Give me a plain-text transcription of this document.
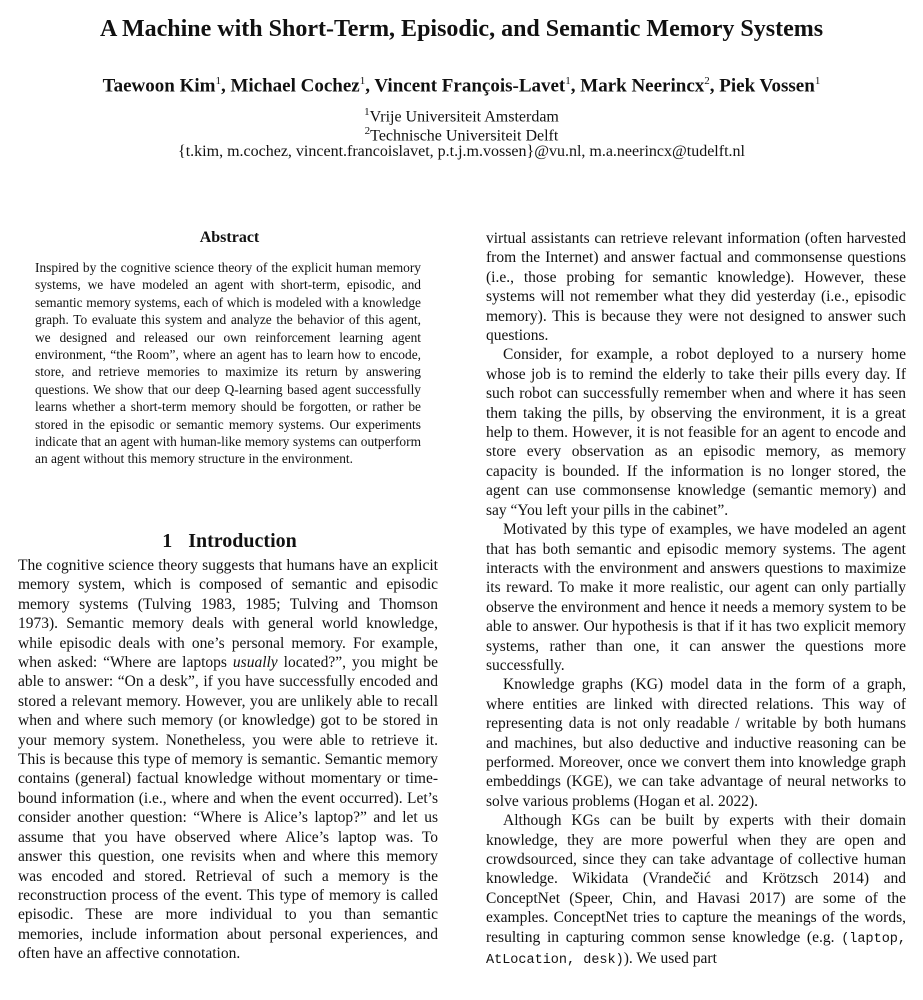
A Machine with Short-Term, Episodic, and Semantic Memory Systems
Taewoon Kim$^1$, Michael Cochez$^1$, Vincent François-Lavet$^1$, Mark Neerincx$^2$, Piek Vossen$^1$
$^1$Vrije Universiteit Amsterdam
$^2$Technische Universiteit Delft
{t.kim, m.cochez, vincent.francoislavet, p.t.j.m.vossen}@vu.nl, m.a.neerincx@tudelft.nl
Abstract

Inspired by the cognitive science theory of the explicit human memory systems, we have modeled an agent with short-term, episodic, and semantic memory systems, each of which is modeled with a knowledge graph. To evaluate this system and analyze the behavior of this agent, we designed and released our own reinforcement learning agent environment, “the Room”, where an agent has to learn how to encode, store, and retrieve memories to maximize its return by answering questions. We show that our deep Q-learning based agent successfully learns whether a short-term memory should be forgotten, or rather be stored in the episodic or semantic memory systems. Our experiments indicate that an agent with human-like memory systems can outperform an agent without this memory structure in the environment.

1 Introduction

The cognitive science theory suggests that humans have an explicit memory system, which is composed of semantic and episodic memory systems (Tulving 1983, 1985; Tulving and Thomson 1973). Semantic memory deals with general world knowledge, while episodic deals with one’s personal memory. For example, when asked: “Where are laptops usually located?”, you might be able to answer: “On a desk”, if you have successfully encoded and stored a relevant memory. However, you are unlikely able to recall when and where such memory (or knowledge) got to be stored in your memory system. Nonetheless, you were able to retrieve it. This is because this type of memory is semantic. Semantic memory contains (general) factual knowledge without momentary or time-bound information (i.e., where and when the event occurred). Let’s consider another question: “Where is Alice’s laptop?” and let us assume that you have observed where Alice’s laptop was. To answer this question, one revisits when and where this memory was encoded and stored. Retrieval of such a memory is the reconstruction process of the event. This type of memory is called episodic. These are more individual to you than semantic memories, include information about personal experiences, and often have an affective connotation.

virtual assistants can retrieve relevant information (often harvested from the Internet) and answer factual and commonsense questions (i.e., those probing for semantic knowledge). However, these systems will not remember what they did yesterday (i.e., episodic memory). This is because they were not designed to answer such questions.

Consider, for example, a robot deployed to a nursery home whose job is to remind the elderly to take their pills every day. If such robot can successfully remember when and where it has seen them taking the pills, by observing the environment, it is a great help to them. However, it is not feasible for an agent to encode and store every observation as an episodic memory, as memory capacity is bounded. If the information is no longer stored, the agent can use commonsense knowledge (semantic memory) and say “You left your pills in the cabinet”.

Motivated by this type of examples, we have modeled an agent that has both semantic and episodic memory systems. The agent interacts with the environment and answers questions to maximize its reward. To make it more realistic, our agent can only partially observe the environment and hence it needs a memory system to be able to answer. Our hypothesis is that if it has two explicit memory systems, rather than one, it can answer the questions more successfully.

Knowledge graphs (KG) model data in the form of a graph, where entities are linked with directed relations. This way of representing data is not only readable / writable by both humans and machines, but also deductive and inductive reasoning can be performed. Moreover, once we convert them into knowledge graph embeddings (KGE), we can take advantage of neural networks to solve various problems (Hogan et al. 2022).

Although KGs can be built by experts with their domain knowledge, they are more powerful when they are open and crowdsourced, since they can take advantage of collective human knowledge. Wikidata (Vrandečić and Krötzsch 2014) and ConceptNet (Speer, Chin, and Havasi 2017) are some of the examples. ConceptNet tries to capture the meanings of the words, resulting in capturing common sense knowledge (e.g. (laptop, AtLocation, desk)). We used part
